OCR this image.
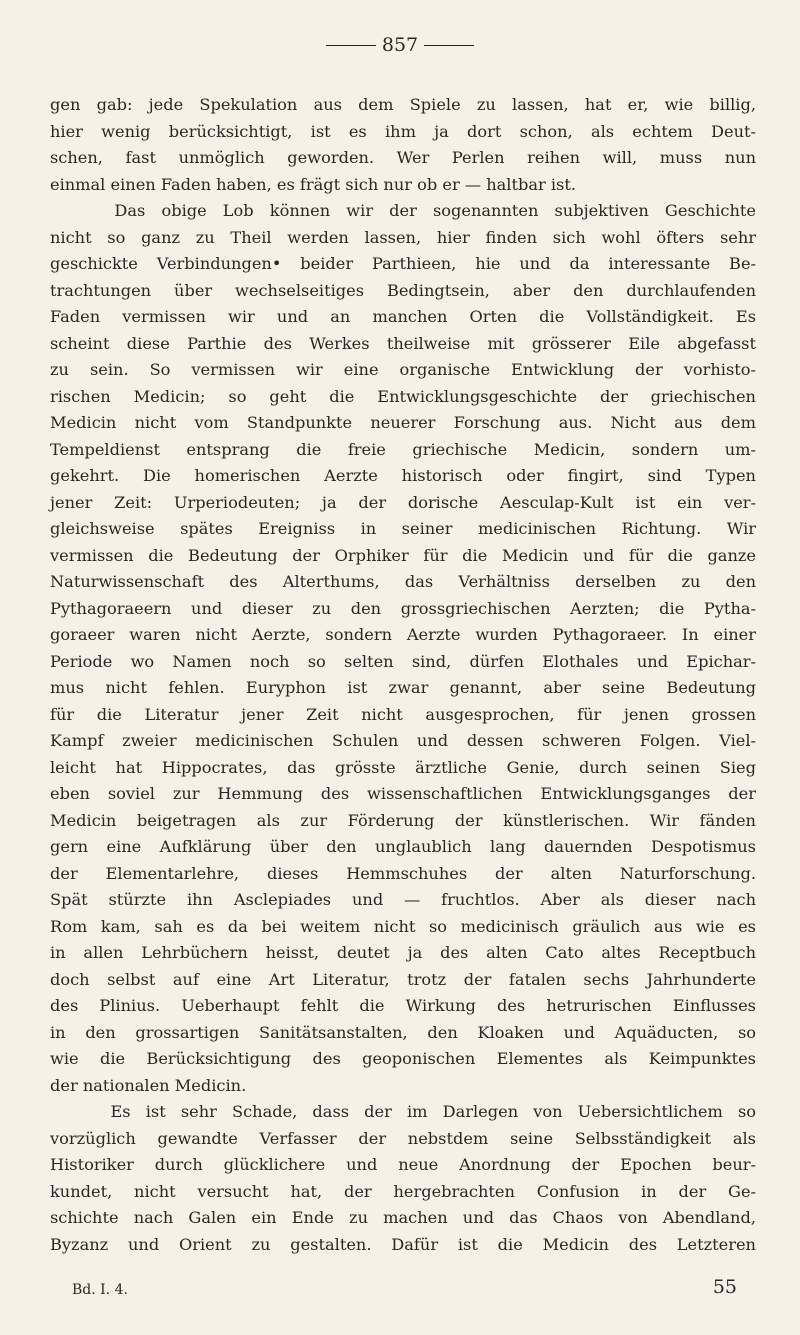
857
gen gab: jede Spekulation aus dem Spiele zu lassen, hat er, wie billig,
hier wenig berücksichtigt, ist es ihm ja dort schon, als echtem Deut-
schen, fast unmöglich geworden. Wer Perlen reihen will, muss nun
einmal einen Faden haben, es frägt sich nur ob er — haltbar ist.
Das obige Lob können wir der sogenannten subjektiven Geschichte
nicht so ganz zu Theil werden lassen, hier finden sich wohl öfters sehr
geschickte Verbindungen• beider Parthieen, hie und da interessante Be-
trachtungen über wechselseitiges Bedingtsein, aber den durchlaufenden
Faden vermissen wir und an manchen Orten die Vollständigkeit. Es
scheint diese Parthie des Werkes theilweise mit grösserer Eile abgefasst
zu sein. So vermissen wir eine organische Entwicklung der vorhisto-
rischen Medicin; so geht die Entwicklungsgeschichte der griechischen
Medicin nicht vom Standpunkte neuerer Forschung aus. Nicht aus dem
Tempeldienst entsprang die freie griechische Medicin, sondern um-
gekehrt. Die homerischen Aerzte historisch oder fingirt, sind Typen
jener Zeit: Urperiodeuten; ja der dorische Aesculap-Kult ist ein ver-
gleichsweise spätes Ereigniss in seiner medicinischen Richtung. Wir
vermissen die Bedeutung der Orphiker für die Medicin und für die ganze
Naturwissenschaft des Alterthums, das Verhältniss derselben zu den
Pythagoraeern und dieser zu den grossgriechischen Aerzten; die Pytha-
goraeer waren nicht Aerzte, sondern Aerzte wurden Pythagoraeer. In einer
Periode wo Namen noch so selten sind, dürfen Elothales und Epichar-
mus nicht fehlen. Euryphon ist zwar genannt, aber seine Bedeutung
für die Literatur jener Zeit nicht ausgesprochen, für jenen grossen
Kampf zweier medicinischen Schulen und dessen schweren Folgen. Viel-
leicht hat Hippocrates, das grösste ärztliche Genie, durch seinen Sieg
eben soviel zur Hemmung des wissenschaftlichen Entwicklungsganges der
Medicin beigetragen als zur Förderung der künstlerischen. Wir fänden
gern eine Aufklärung über den unglaublich lang dauernden Despotismus
der Elementarlehre, dieses Hemmschuhes der alten Naturforschung.
Spät stürzte ihn Asclepiades und — fruchtlos. Aber als dieser nach
Rom kam, sah es da bei weitem nicht so medicinisch gräulich aus wie es
in allen Lehrbüchern heisst, deutet ja des alten Cato altes Receptbuch
doch selbst auf eine Art Literatur, trotz der fatalen sechs Jahrhunderte
des Plinius. Ueberhaupt fehlt die Wirkung des hetrurischen Einflusses
in den grossartigen Sanitätsanstalten, den Kloaken und Aquäducten, so
wie die Berücksichtigung des geoponischen Elementes als Keimpunktes
der nationalen Medicin.
Es ist sehr Schade, dass der im Darlegen von Uebersichtlichem so
vorzüglich gewandte Verfasser der nebstdem seine Selbsständigkeit als
Historiker durch glücklichere und neue Anordnung der Epochen beur-
kundet, nicht versucht hat, der hergebrachten Confusion in der Ge-
schichte nach Galen ein Ende zu machen und das Chaos von Abendland,
Byzanz und Orient zu gestalten. Dafür ist die Medicin des Letzteren
Bd. I. 4.	55
